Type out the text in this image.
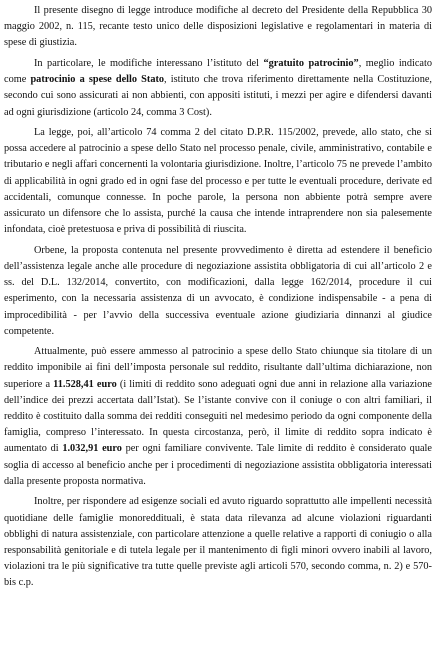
Il presente disegno di legge introduce modifiche al decreto del Presidente della Repubblica 30 maggio 2002, n. 115, recante testo unico delle disposizioni legislative e regolamentari in materia di spese di giustizia.

In particolare, le modifiche interessano l’istituto del “gratuito patrocinio”, meglio indicato come patrocinio a spese dello Stato, istituto che trova riferimento direttamente nella Costituzione, secondo cui sono assicurati ai non abbienti, con appositi istituti, i mezzi per agire e difendersi davanti ad ogni giurisdizione (articolo 24, comma 3 Cost).

La legge, poi, all’articolo 74 comma 2 del citato D.P.R. 115/2002, prevede, allo stato, che si possa accedere al patrocinio a spese dello Stato nel processo penale, civile, amministrativo, contabile e tributario e negli affari concernenti la volontaria giurisdizione. Inoltre, l’articolo 75 ne prevede l’ambito di applicabilità in ogni grado ed in ogni fase del processo e per tutte le eventuali procedure, derivate ed accidentali, comunque connesse. In poche parole, la persona non abbiente potrà sempre avere assicurato un difensore che lo assista, purché la causa che intende intraprendere non sia palesemente infondata, cioè pretestuosa e priva di possibilità di riuscita.

Orbene, la proposta contenuta nel presente provvedimento è diretta ad estendere il beneficio dell’assistenza legale anche alle procedure di negoziazione assistita obbligatoria di cui all’articolo 2 e ss. del D.L. 132/2014, convertito, con modificazioni, dalla legge 162/2014, procedure il cui esperimento, con la necessaria assistenza di un avvocato, è condizione indispensabile - a pena di improcedibilità - per l’avvio della successiva eventuale azione giudiziaria dinnanzi al giudice competente.

Attualmente, può essere ammesso al patrocinio a spese dello Stato chiunque sia titolare di un reddito imponibile ai fini dell’imposta personale sul reddito, risultante dall’ultima dichiarazione, non superiore a 11.528,41 euro (i limiti di reddito sono adeguati ogni due anni in relazione alla variazione dell’indice dei prezzi accertata dall’Istat). Se l’istante convive con il coniuge o con altri familiari, il reddito è costituito dalla somma dei redditi conseguiti nel medesimo periodo da ogni componente della famiglia, compreso l’interessato. In questa circostanza, però, il limite di reddito sopra indicato è aumentato di 1.032,91 euro per ogni familiare convivente. Tale limite di reddito è considerato quale soglia di accesso al beneficio anche per i procedimenti di negoziazione assistita obbligatoria interessati dalla presente proposta normativa.

Inoltre, per rispondere ad esigenze sociali ed avuto riguardo soprattutto alle impellenti necessità quotidiane delle famiglie monoreddituali, è stata data rilevanza ad alcune violazioni riguardanti obblighi di natura assistenziale, con particolare attenzione a quelle relative a rapporti di coniugio o alla responsabilità genitoriale e di tutela legale per il mantenimento di figli minori ovvero inabili al lavoro, violazioni tra le più significative tra tutte quelle previste agli articoli 570, secondo comma, n. 2) e 570-bis c.p.
